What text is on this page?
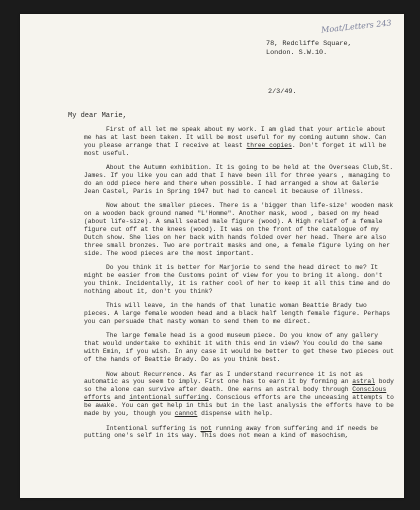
Moat/Letters 243
78, Redcliffe Square,
London. S.W.10.
2/3/49.
My dear Marie,

First of all let me speak about my work. I am glad that your article about me has at last been taken. It will be most useful for my coming autumn show. Can you please arrange that I receive at least three copies. Don't forget it will be most useful.

About the Autumn exhibition. It is going to be held at the Overseas Club,St. James. If you like you can add that I have been ill for three years , managing to do an odd piece here and there when possible. I had arranged a show at Galerie Jean Castel, Paris in Spring 1947 but had to cancel it because of illness.

Now about the smaller pieces. There is a 'bigger than life-size' wooden mask on a wooden back ground named "L'Homme". Another mask, wood , based on my head (about life-size). A small seated male figure (wood). A High relief of a female figure cut off at the knees (wood). It was on the front of the catalogue of my Dutch show. She lies on her back with hands folded over her head. There are also three small bronzes. Two are portrait masks and one, a female figure lying on her side. The wood pieces are the most important.

Do you think it is better for Marjorie to send the head direct to me? It might be easier from the Customs point of view for you to bring it along. don't you think. Incidentally, it is rather cool of her to keep it all this time and do nothing about it, don't you think?

This will leave, in the hands of that lunatic woman Beattie Brady two pieces. A large female wooden head and a black half length female figure. Perhaps you can persuade that nasty woman to send them to me direct.

The large female head is a good museum piece. Do you know of any gallery that would undertake to exhibit it with this end in view? You could do the same with Emin, if you wish. In any case it would be better to get these two pieces out of the hands of Beattie Brady. Do as you think best.

Now about Recurrence. As far as I understand recurrence it is not as automatic as you seem to imply. First one has to earn it by forming an astral body so the alone can survive after death. One earns an astral body through Conscious efforts and intentional suffering. Conscious efforts are the unceasing attempts to be awake. You can get help in this but in the last analysis the efforts have to be made by you, though you cannot dispense with help.

Intentional suffering is not running away from suffering and if needs be putting one's self in its way. This does not mean a kind of masochism,
